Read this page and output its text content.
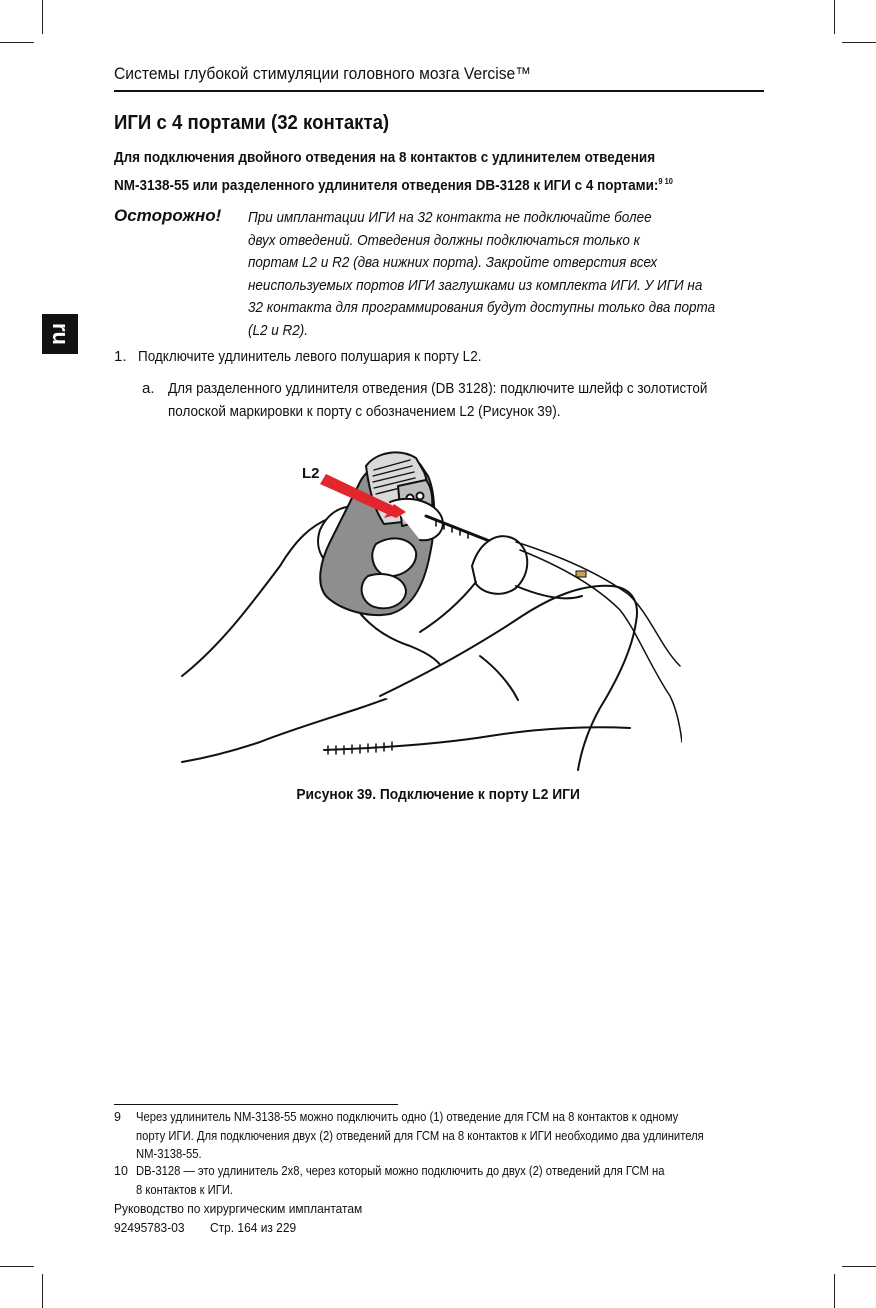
Системы глубокой стимуляции головного мозга Vercise™
ru
ИГИ с 4 портами (32 контакта)
Для подключения двойного отведения на 8 контактов с удлинителем отведения
NM-3138-55 или разделенного удлинителя отведения DB-3128 к ИГИ с 4 портами:$^{9 10}$
Осторожно! При имплантации ИГИ на 32 контакта не подключайте более
двух отведений. Отведения должны подключаться только к
портам L2 и R2 (два нижних порта). Закройте отверстия всех
неиспользуемых портов ИГИ заглушками из комплекта ИГИ. У ИГИ на
32 контакта для программирования будут доступны только два порта
(L2 и R2).
1. Подключите удлинитель левого полушария к порту L2.
a. Для разделенного удлинителя отведения (DB 3128): подключите шлейф с золотистой
полоской маркировки к порту с обозначением L2 (Рисунок 39).
L2
Рисунок 39. Подключение к порту L2 ИГИ
9 Через удлинитель NM-3138-55 можно подключить одно (1) отведение для ГСМ на 8 контактов к одному
порту ИГИ. Для подключения двух (2) отведений для ГСМ на 8 контактов к ИГИ необходимо два удлинителя
NM-3138-55.
10 DB-3128 — это удлинитель 2x8, через который можно подключить до двух (2) отведений для ГСМ на
8 контактов к ИГИ.
Руководство по хирургическим имплантатам
92495783-03 Стр. 164 из 229
